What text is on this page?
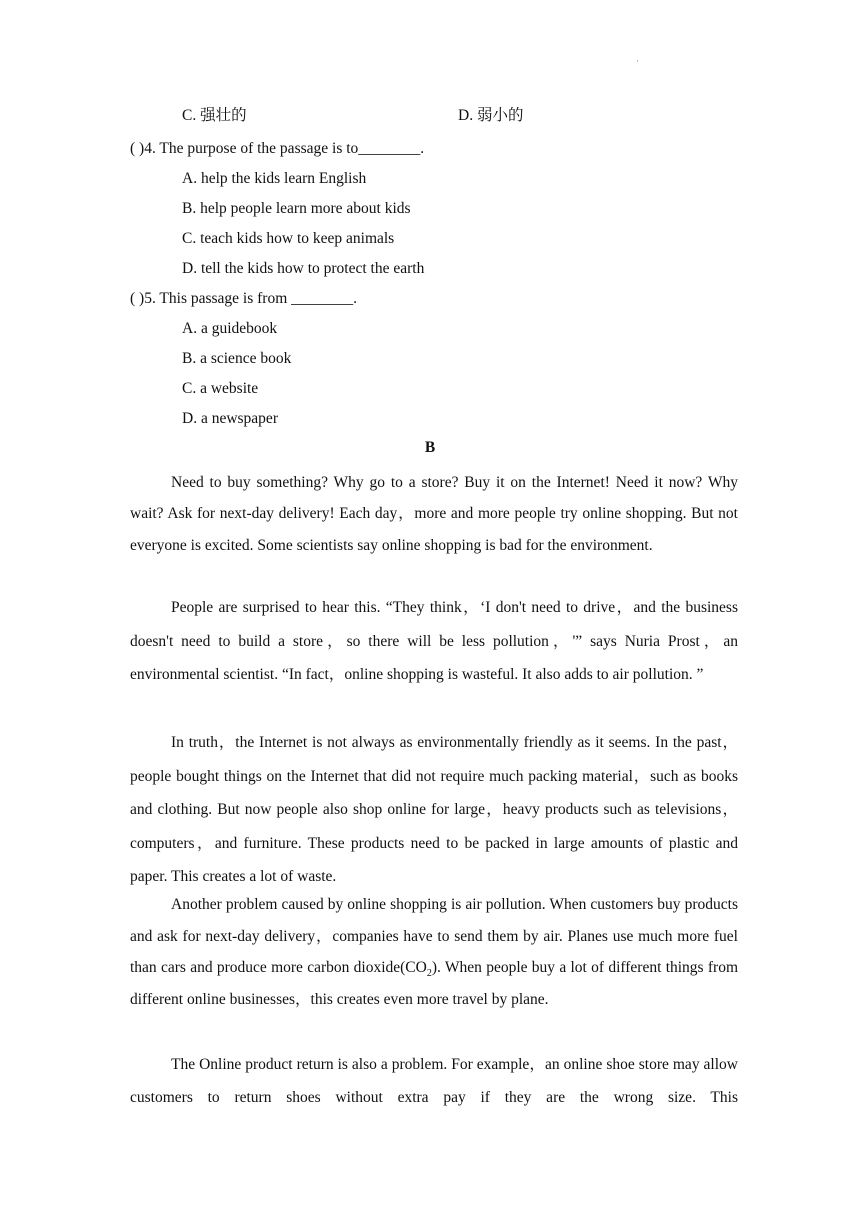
·
C. 强壮的	D. 弱小的
( )4. The purpose of the passage is to________.
A. help the kids learn English
B. help people learn more about kids
C. teach kids how to keep animals
D. tell the kids how to protect the earth
( )5. This passage is from ________.
A. a guidebook
B. a science book
C. a website
D. a newspaper
B

Need to buy something? Why go to a store? Buy it on the Internet! Need it now? Why wait? Ask for next-day delivery! Each day，more and more people try online shopping. But not everyone is excited. Some scientists say online shopping is bad for the environment.

People are surprised to hear this. “They think，‘I don't need to drive，and the business doesn't need to build a store，so there will be less pollution，'” says Nuria Prost，an environmental scientist. “In fact，online shopping is wasteful. It also adds to air pollution. ”

In truth，the Internet is not always as environmentally friendly as it seems. In the past，people bought things on the Internet that did not require much packing material，such as books and clothing. But now people also shop online for large，heavy products such as televisions，computers，and furniture. These products need to be packed in large amounts of plastic and paper. This creates a lot of waste.

Another problem caused by online shopping is air pollution. When customers buy products and ask for next-day delivery，companies have to send them by air. Planes use much more fuel than cars and produce more carbon $dioxide(CO_2)$. When people buy a lot of different things from different online businesses，this creates even more travel by plane.

The Online product return is also a problem. For example，an online shoe store may allow customers to return shoes without extra pay if they are the wrong size. This
